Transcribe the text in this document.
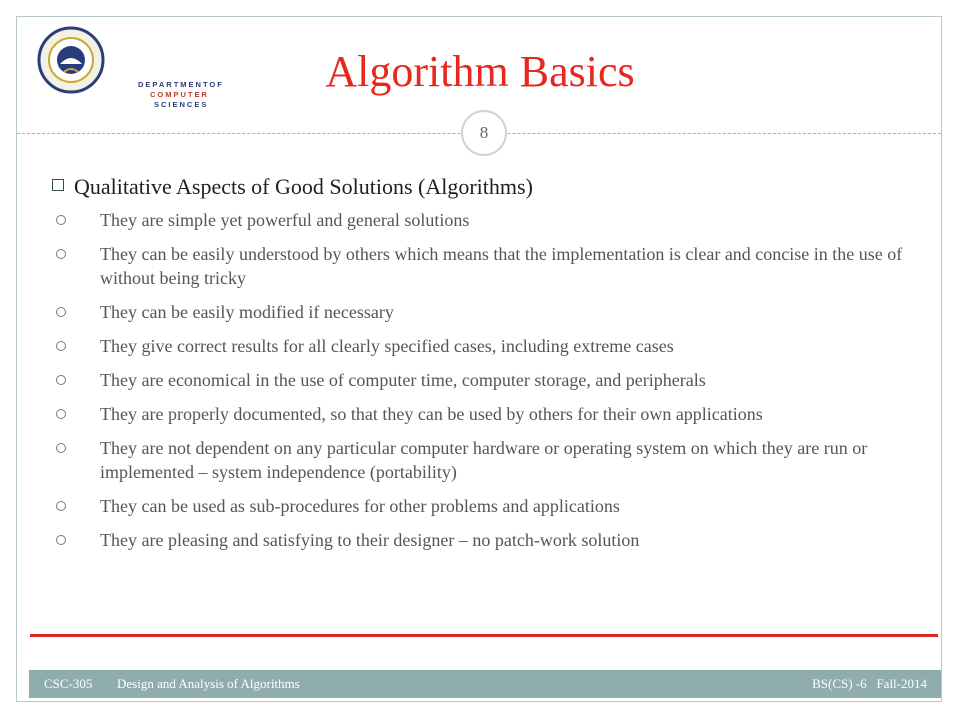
DEPARTMENTOF
COMPUTER
SCIENCES
Algorithm Basics
8
Qualitative Aspects of Good Solutions (Algorithms)
They are simple yet powerful and general solutions
They can be easily understood by others which means that the implementation is clear and concise in the use of without being tricky
They can be easily modified if necessary
They give correct results for all clearly specified cases, including extreme cases
They are economical in the use of computer time, computer storage, and peripherals
They are properly documented, so that they can be used by others for their own applications
They are not dependent on any particular computer hardware or operating system on which they are run or implemented – system independence (portability)
They can be used as sub-procedures for other problems and applications
They are pleasing and satisfying to their designer – no patch-work solution
CSC-305 Design and Analysis of Algorithms	BS(CS) -6 Fall-2014
